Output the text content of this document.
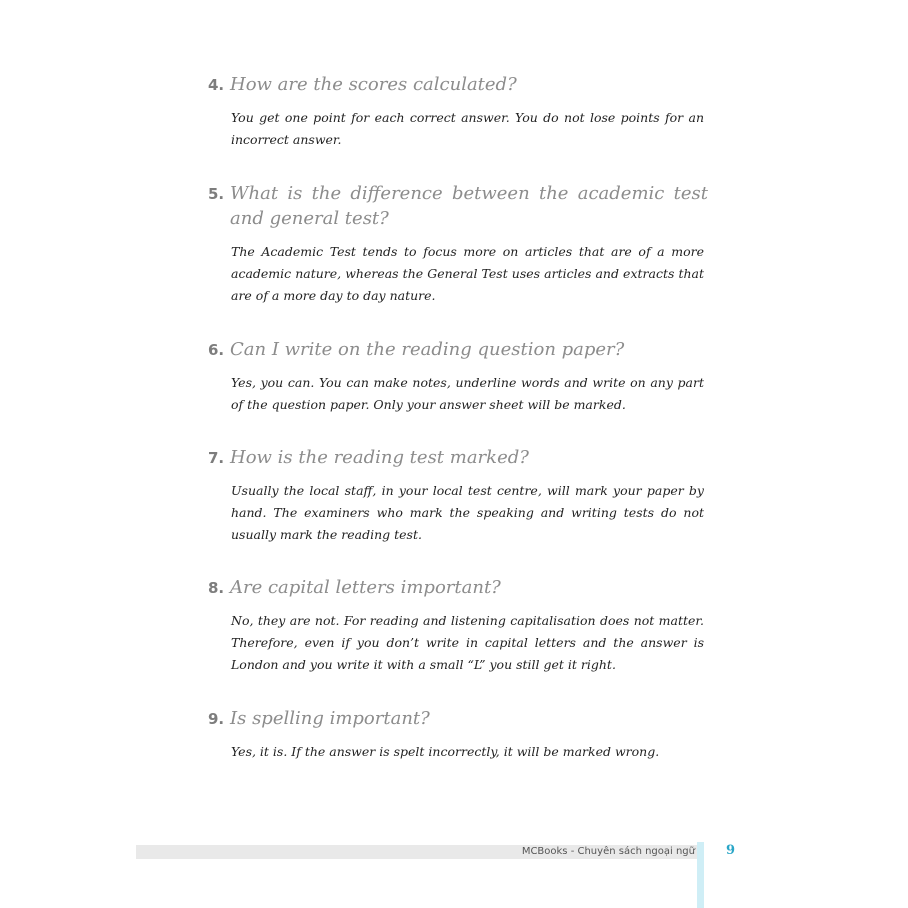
4. How are the scores calculated?
You get one point for each correct answer. You do not lose points for an incorrect answer.
5. What is the difference between the academic test and general test?
The Academic Test tends to focus more on articles that are of a more academic nature, whereas the General Test uses articles and extracts that are of a more day to day nature.
6. Can I write on the reading question paper?
Yes, you can. You can make notes, underline words and write on any part of the question paper. Only your answer sheet will be marked.
7. How is the reading test marked?
Usually the local staff, in your local test centre, will mark your paper by hand. The examiners who mark the speaking and writing tests do not usually mark the reading test.
8. Are capital letters important?
No, they are not. For reading and listening capitalisation does not matter. Therefore, even if you don’t write in capital letters and the answer is London and you write it with a small “L” you still get it right.
9. Is spelling important?
Yes, it is. If the answer is spelt incorrectly, it will be marked wrong.
MCBooks - Chuyên sách ngoại ngữ 9
